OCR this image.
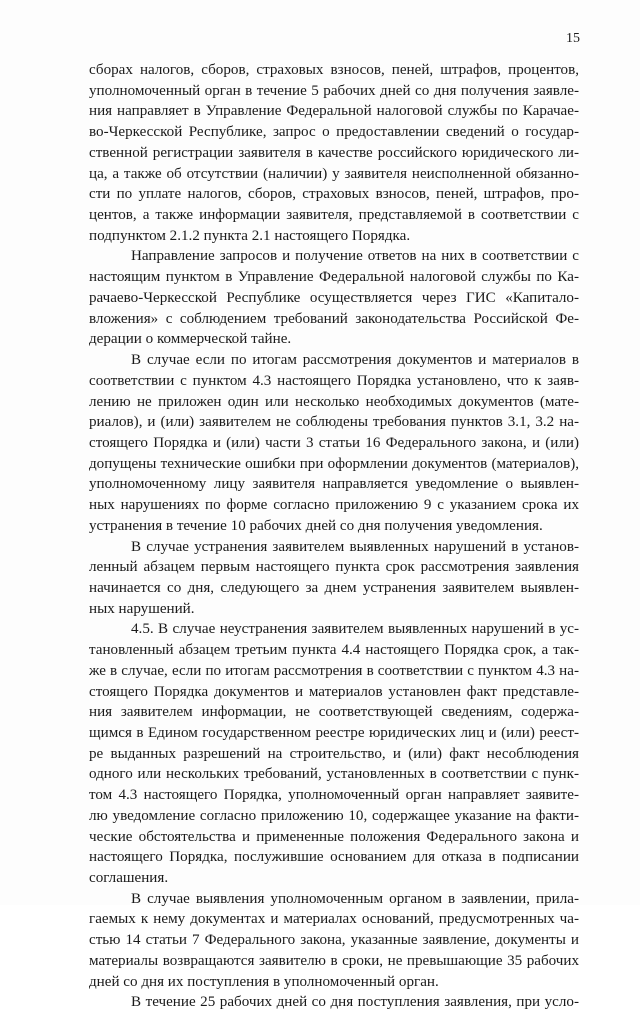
15
сборах налогов, сборов, страховых взносов, пеней, штрафов, процентов,
уполномоченный орган в течение 5 рабочих дней со дня получения заявле-
ния направляет в Управление Федеральной налоговой службы по Карачае-
во-Черкесской Республике, запрос о предоставлении сведений о государ-
ственной регистрации заявителя в качестве российского юридического ли-
ца, а также об отсутствии (наличии) у заявителя неисполненной обязанно-
сти по уплате налогов, сборов, страховых взносов, пеней, штрафов, про-
центов, а также информации заявителя, представляемой в соответствии с
подпунктом 2.1.2 пункта 2.1 настоящего Порядка.
Направление запросов и получение ответов на них в соответствии с
настоящим пунктом в Управление Федеральной налоговой службы по Ка-
рачаево-Черкесской Республике осуществляется через ГИС «Капитало-
вложения» с соблюдением требований законодательства Российской Фе-
дерации о коммерческой тайне.
В случае если по итогам рассмотрения документов и материалов в
соответствии с пунктом 4.3 настоящего Порядка установлено, что к заяв-
лению не приложен один или несколько необходимых документов (мате-
риалов), и (или) заявителем не соблюдены требования пунктов 3.1, 3.2 на-
стоящего Порядка и (или) части 3 статьи 16 Федерального закона, и (или)
допущены технические ошибки при оформлении документов (материалов),
уполномоченному лицу заявителя направляется уведомление о выявлен-
ных нарушениях по форме согласно приложению 9 с указанием срока их
устранения в течение 10 рабочих дней со дня получения уведомления.
В случае устранения заявителем выявленных нарушений в установ-
ленный абзацем первым настоящего пункта срок рассмотрения заявления
начинается со дня, следующего за днем устранения заявителем выявлен-
ных нарушений.
4.5. В случае неустранения заявителем выявленных нарушений в ус-
тановленный абзацем третьим пункта 4.4 настоящего Порядка срок, а так-
же в случае, если по итогам рассмотрения в соответствии с пунктом 4.3 на-
стоящего Порядка документов и материалов установлен факт представле-
ния заявителем информации, не соответствующей сведениям, содержа-
щимся в Едином государственном реестре юридических лиц и (или) реест-
ре выданных разрешений на строительство, и (или) факт несоблюдения
одного или нескольких требований, установленных в соответствии с пунк-
том 4.3 настоящего Порядка, уполномоченный орган направляет заявите-
лю уведомление согласно приложению 10, содержащее указание на факти-
ческие обстоятельства и примененные положения Федерального закона и
настоящего Порядка, послужившие основанием для отказа в подписании
соглашения.
В случае выявления уполномоченным органом в заявлении, прила-
гаемых к нему документах и материалах оснований, предусмотренных ча-
стью 14 статьи 7 Федерального закона, указанные заявление, документы и
материалы возвращаются заявителю в сроки, не превышающие 35 рабочих
дней со дня их поступления в уполномоченный орган.
В течение 25 рабочих дней со дня поступления заявления, при усло-
